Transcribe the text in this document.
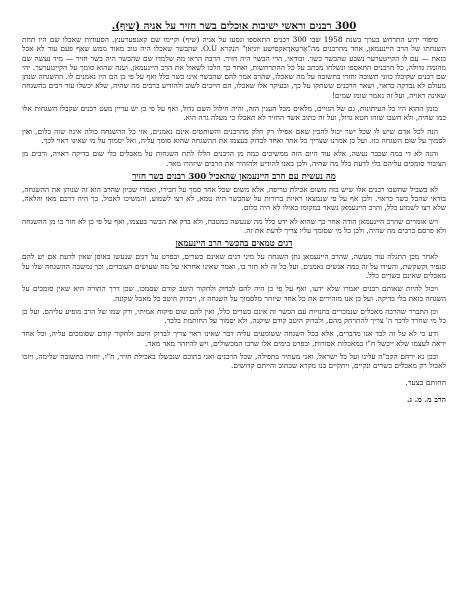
300 רבנים וראשי ישיבות אוכלים בשר חזיר על אניה (שיף).

סיפור ידוע התרחש בערך בשנת 1958 שבו 300 רבנים התאספו ונסעו על אניה (שיף) וקיימו שם קאנפערענץ. הסעודות שאכלו שם היו תחת השגחתו של הרב היינעמאן, אחד מהרבנים מה"אָרטָאדָאקסישע יוניאן" הנקרא O.U. שהבשר שאכלו היה טוב מאוד ממש שאף פעם עוד לא אכל כזאת — עם לו הקייטערער נשבע שהבשר כשר. ובודאי, הרי הבשר היה חזיר. הרבה הראו מה שלמדו שם שהבשר היה בשר חזיר — מיד נעשה שם מהומה גדולה, כל הרבנים התאספו ונשלחו מכתב על כל ההתרחשות, ואחר כך הלכו לשאול את הרב היינעמאן, וענה שהוא סומך על הקייטערער. יהי שם רבנים שקיבלו כווני תשובה וחזרו בתשובה על מה שאכלו, שהרב אמר להם שהבשר אינו כשר כלל ואף על פי כן הם היו נאמנים לו. ההשגחה שנתן מעולם לא נבדקה כראוי, ושאר הרבנים ששתקו על כך, ובעיקר אלו שאכלו, הם חייבים לשוב ולהודיע ברבים מה שהיה, שלא יכשלו עוד רבים בהשגחה שאינה ראויה, ועל זה נאמר שומו שמים!

בזמן ההוא היו כל העיתונות, גם של הגויים, מלאים מכל הענין הזה, והיה חילול השם גדול, ואף על פי כן יש עדיין מעט רבנים שקבלו השגחות אלו כמו שהיה, ולא חשבו שזהו חטא גדול, ועל זה כתוב אשר החזיר לא תאכלו כי מעלה גרה הוא.

הנה לכל אדם שיש לו שכל ישר יכול להבין שאם אפילו רק חלק מהרבנים והשוחטים אינם נאמנים, אזי כל ההשגחה כולה אינה שוה כלום, ואין לסמוך על שום השגחה כזו. ועל כן אמרנו שצריך כל אחד ואחד לבדוק בעצמו את ההשגחה שהוא סומך עליה, ואל יסמוך על מי שאינו ראוי לכך.

והנה לא די במה שכבר נעשה, אלא עוד היום הזה ממשיכים כמה מן הרבנים הללו לתת השגחות על מאכלים בלי שום בדיקה ראויה, ורבים מן הציבור סומכים עליהם בלי לדעת כלל מה שהיה, ולכן באנו להודיע ולהזהיר את הרבים שיזהרו מאד.

מה נעשית עם הרב היינעמאן שהאכיל 300 רבנים בשר חזיר

לא בשביל שחשבו רבנים אלו שיש בזה משום אכילת טריפה, אלא משום שכל אחד סמך על חבירו, ואמרו שכיון שהרב הוא זה שנותן את ההשגחה, בודאי שהכל כשר כראוי. ולכן אף על פי שנמצאו ראיות ברורות על שהבשר היה טמא, לא רצו לשמוע, והמשיכו לאכול. כך היה דרכם מאז והלאה, שלא רצו לשמוע כלל, והרב היינעמאן נשאר במקומו כאילו לא היה כלום.

ויש אומרים שהרב היינעמאן הודה אחר כך שהוא לא ידע כלל מה שנעשה במטבח, ולא בדק את הבשר בעצמו, ואף על פי כן לא חזר בו מן ההשגחה ולא פרסם ברבים מה שהיה, ולכן כל מי שסומך עליו צריך לדעת את זה.

דגים טמאים בהכשר הרב היינעמאן

לאחר מכן התגלה עוד מעשה, שהרב היינעמאן נתן השגחה על מיני דגים שאינם כשרים, ובפרט על דגים שנעשו באופן שאין לדעת אם יש להם סנפיר וקשקשת, והעידו על זה כמה אנשים נאמנים. ועל כל זה לא חזר בו, ואמר שאינו אחראי על מה שעושים העובדים, וכך נמשכה ההשגחה שלו על מאכלים שאינם כשרים כלל.

ויכול להיות שאותם רבנים יאמרו שלא ידעו, ואף על פי כן היה להם לבדוק ולחקור היטב קודם שסמכו, שכן דרך התורה היא שאין סומכים על השגחה כזאת בלי בדיקה. ועל כן אנו מזהירים את כל אחד שיזהר מלסמוך על השגחה זו, ויבדוק היטב כל מאכל שקונה.

וכן התברר שהרבה מאכלים שנמכרים בחנויות עם הכשר זה אינם כשרים כלל, ואין להם שום פיקוח אמיתי, ורק שמו של הרב מופיע עליהם. ועל כן כל מי שחרד לדבר ה' צריך להתרחק מהם, ולבדוק היטב קודם שיקנה, ולא יסמוך על החותמת בלבד.

ודע כי לא על זה לבד אנו מדברים, אלא בכל השגחה ששומעים עליה דבר שאינו ראוי צריך לבדוק היטב ולחקור קודם שסומכים עליה, וכל אחד יראה לעצמו שלא ייכשל ח"ו במאכלות אסורות, ובפרט בימים אלו שרבו המכשולים, ויש להיזהר מאד מאד.

ובכן נא ירחם הקב"ה עלינו ועל כל ישראל, ואני מעתיר בתפילה, שכל הרבנים ואני בתוכם שנכשלו באכילת חזיר, ח"ו, יחזרו בתשובה שלימה, ויזכו לאכול רק מאכלים כשרים ונקיים, ויתקיים בנו מקרא שכתוב והייתם קדושים.

החותם בצער,
הרב מ. מ. ג.
